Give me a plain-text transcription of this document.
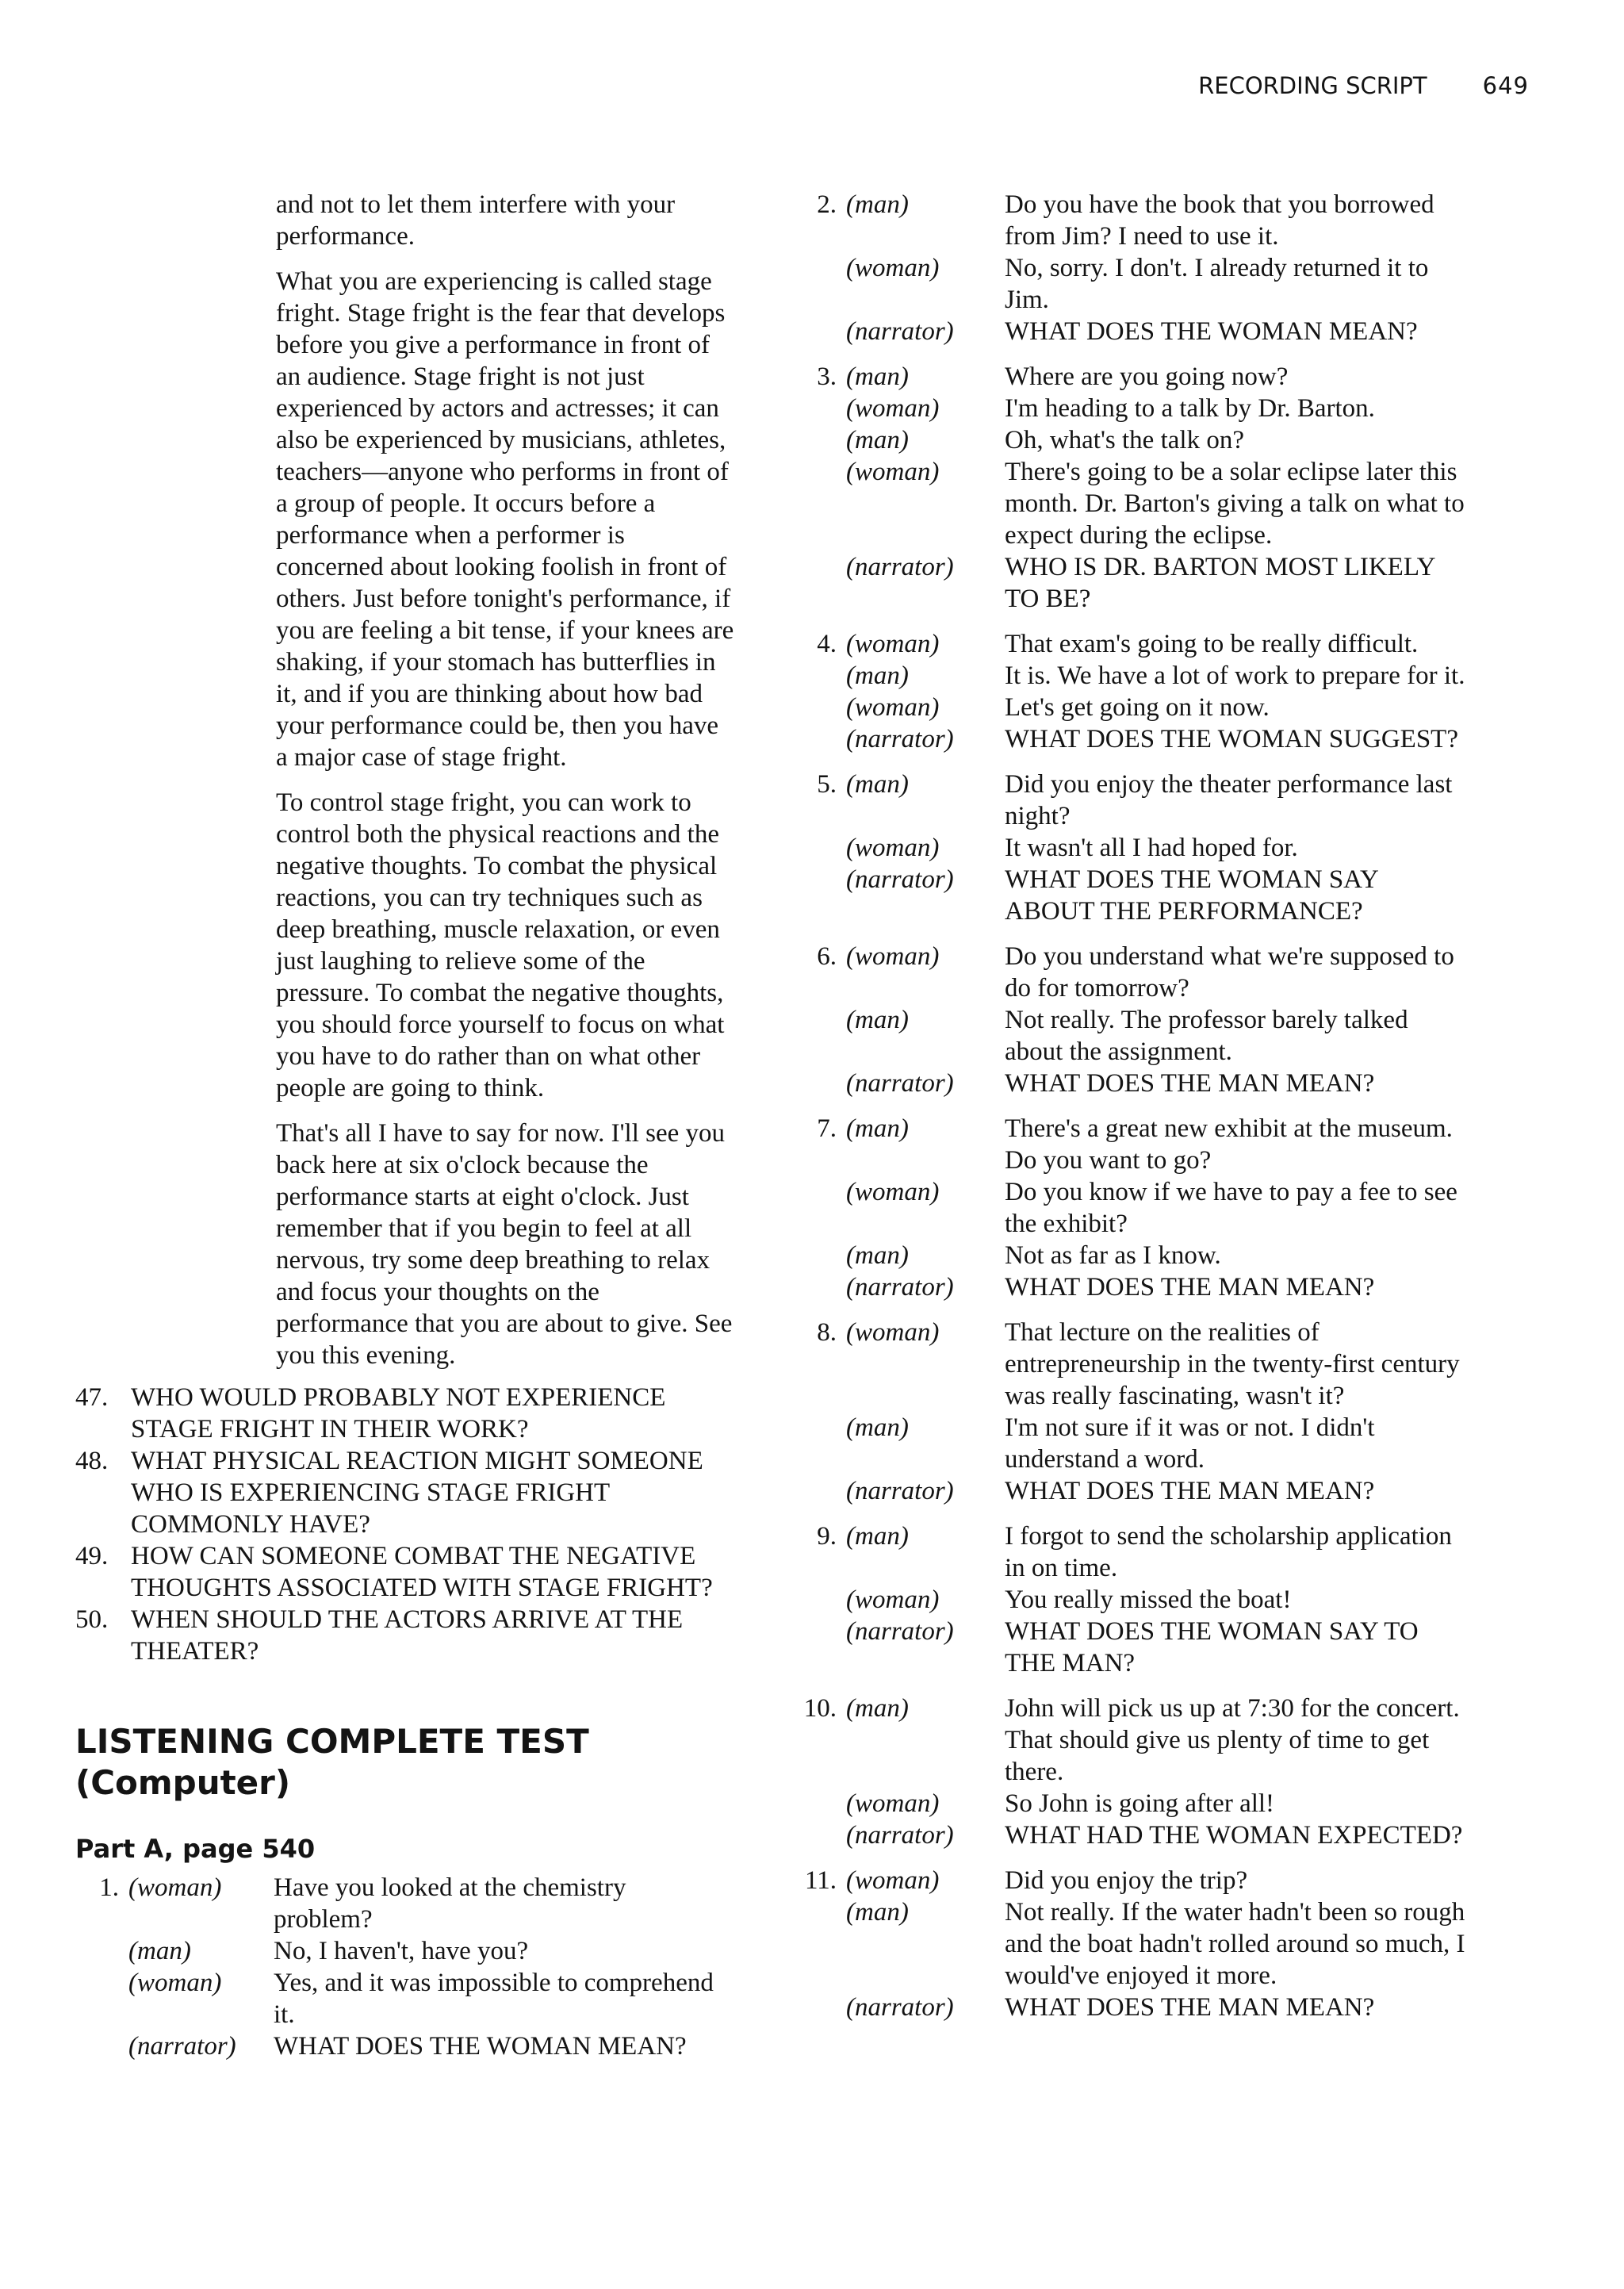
RECORDING SCRIPT 649

and not to let them interfere with your performance.

What you are experiencing is called stage fright. Stage fright is the fear that develops before you give a performance in front of an audience. Stage fright is not just experienced by actors and actresses; it can also be experienced by musicians, athletes, teachers—anyone who performs in front of a group of people. It occurs before a performance when a performer is concerned about looking foolish in front of others. Just before tonight's performance, if you are feeling a bit tense, if your knees are shaking, if your stomach has butterflies in it, and if you are thinking about how bad your performance could be, then you have a major case of stage fright.

To control stage fright, you can work to control both the physical reactions and the negative thoughts. To combat the physical reactions, you can try techniques such as deep breathing, muscle relaxation, or even just laughing to relieve some of the pressure. To combat the negative thoughts, you should force yourself to focus on what you have to do rather than on what other people are going to think.

That's all I have to say for now. I'll see you back here at six o'clock because the performance starts at eight o'clock. Just remember that if you begin to feel at all nervous, try some deep breathing to relax and focus your thoughts on the performance that you are about to give. See you this evening.

47. WHO WOULD PROBABLY NOT EXPERIENCE STAGE FRIGHT IN THEIR WORK?
48. WHAT PHYSICAL REACTION MIGHT SOMEONE WHO IS EXPERIENCING STAGE FRIGHT COMMONLY HAVE?
49. HOW CAN SOMEONE COMBAT THE NEGATIVE THOUGHTS ASSOCIATED WITH STAGE FRIGHT?
50. WHEN SHOULD THE ACTORS ARRIVE AT THE THEATER?
LISTENING COMPLETE TEST
(Computer)
Part A, page 540
1. (woman)	Have you looked at the chemistry problem?
(man)	No, I haven't, have you?
(woman)	Yes, and it was impossible to comprehend it.
(narrator)	WHAT DOES THE WOMAN MEAN?
2. (man)	Do you have the book that you borrowed from Jim? I need to use it.
(woman)	No, sorry. I don't. I already returned it to Jim.
(narrator)	WHAT DOES THE WOMAN MEAN?
3. (man)	Where are you going now?
(woman)	I'm heading to a talk by Dr. Barton.
(man)	Oh, what's the talk on?
(woman)	There's going to be a solar eclipse later this month. Dr. Barton's giving a talk on what to expect during the eclipse.
(narrator)	WHO IS DR. BARTON MOST LIKELY TO BE?
4. (woman)	That exam's going to be really difficult.
(man)	It is. We have a lot of work to prepare for it.
(woman)	Let's get going on it now.
(narrator)	WHAT DOES THE WOMAN SUGGEST?
5. (man)	Did you enjoy the theater performance last night?
(woman)	It wasn't all I had hoped for.
(narrator)	WHAT DOES THE WOMAN SAY ABOUT THE PERFORMANCE?
6. (woman)	Do you understand what we're supposed to do for tomorrow?
(man)	Not really. The professor barely talked about the assignment.
(narrator)	WHAT DOES THE MAN MEAN?
7. (man)	There's a great new exhibit at the museum. Do you want to go?
(woman)	Do you know if we have to pay a fee to see the exhibit?
(man)	Not as far as I know.
(narrator)	WHAT DOES THE MAN MEAN?
8. (woman)	That lecture on the realities of entrepreneurship in the twenty-first century was really fascinating, wasn't it?
(man)	I'm not sure if it was or not. I didn't understand a word.
(narrator)	WHAT DOES THE MAN MEAN?
9. (man)	I forgot to send the scholarship application in on time.
(woman)	You really missed the boat!
(narrator)	WHAT DOES THE WOMAN SAY TO THE MAN?
10. (man)	John will pick us up at 7:30 for the concert. That should give us plenty of time to get there.
(woman)	So John is going after all!
(narrator)	WHAT HAD THE WOMAN EXPECTED?
11. (woman)	Did you enjoy the trip?
(man)	Not really. If the water hadn't been so rough and the boat hadn't rolled around so much, I would've enjoyed it more.
(narrator)	WHAT DOES THE MAN MEAN?
